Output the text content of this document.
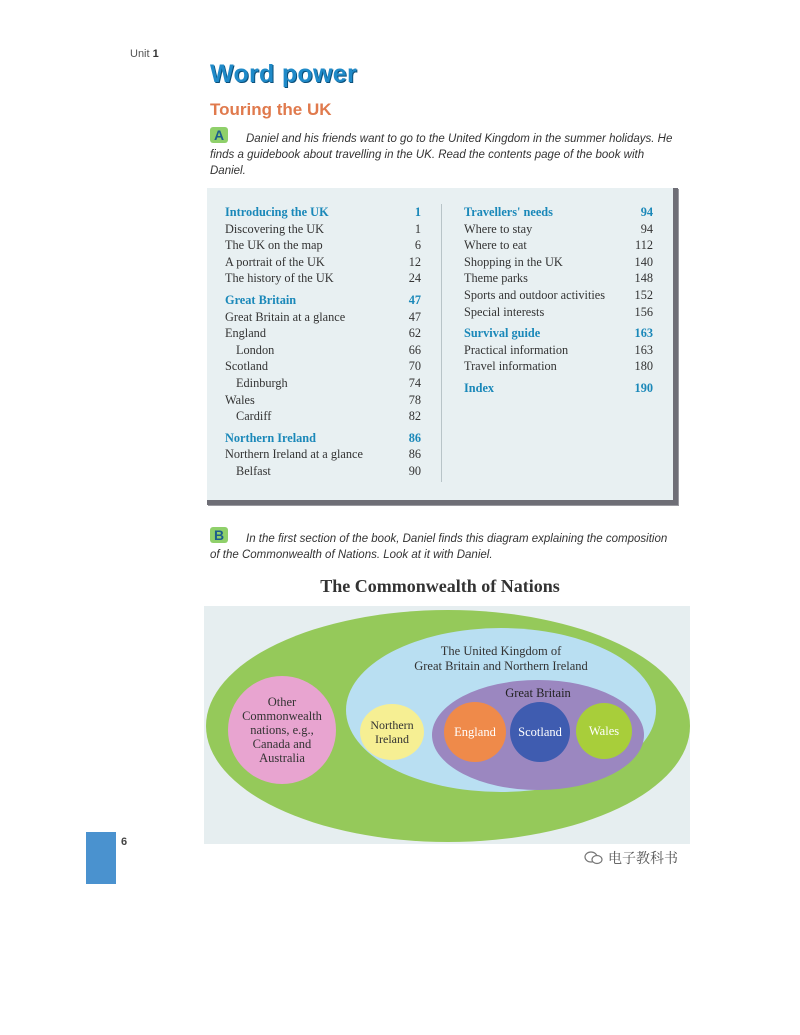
Unit 1
Word power
Touring the UK
A	Daniel and his friends want to go to the United Kingdom in the summer holidays. He finds a guidebook about travelling in the UK. Read the contents page of the book with Daniel.
Introducing the UK	1
Discovering the UK	1
The UK on the map	6
A portrait of the UK	12
The history of the UK	24
Great Britain	47
Great Britain at a glance	47
England	62
London	66
Scotland	70
Edinburgh	74
Wales	78
Cardiff	82
Northern Ireland	86
Northern Ireland at a glance	86
Belfast	90
Travellers' needs	94
Where to stay	94
Where to eat	112
Shopping in the UK	140
Theme parks	148
Sports and outdoor activities 152
Special interests	156
Survival guide	163
Practical information	163
Travel information	180
Index	190
B	In the first section of the book, Daniel finds this diagram explaining the composition of the Commonwealth of Nations. Look at it with Daniel.
The Commonwealth of Nations
The United Kingdom of
Great Britain and Northern Ireland
Great Britain
Other
Commonwealth
nations, e.g.,
Canada and
Australia
Northern
Ireland
England	Scotland	Wales
6
电子教科书
